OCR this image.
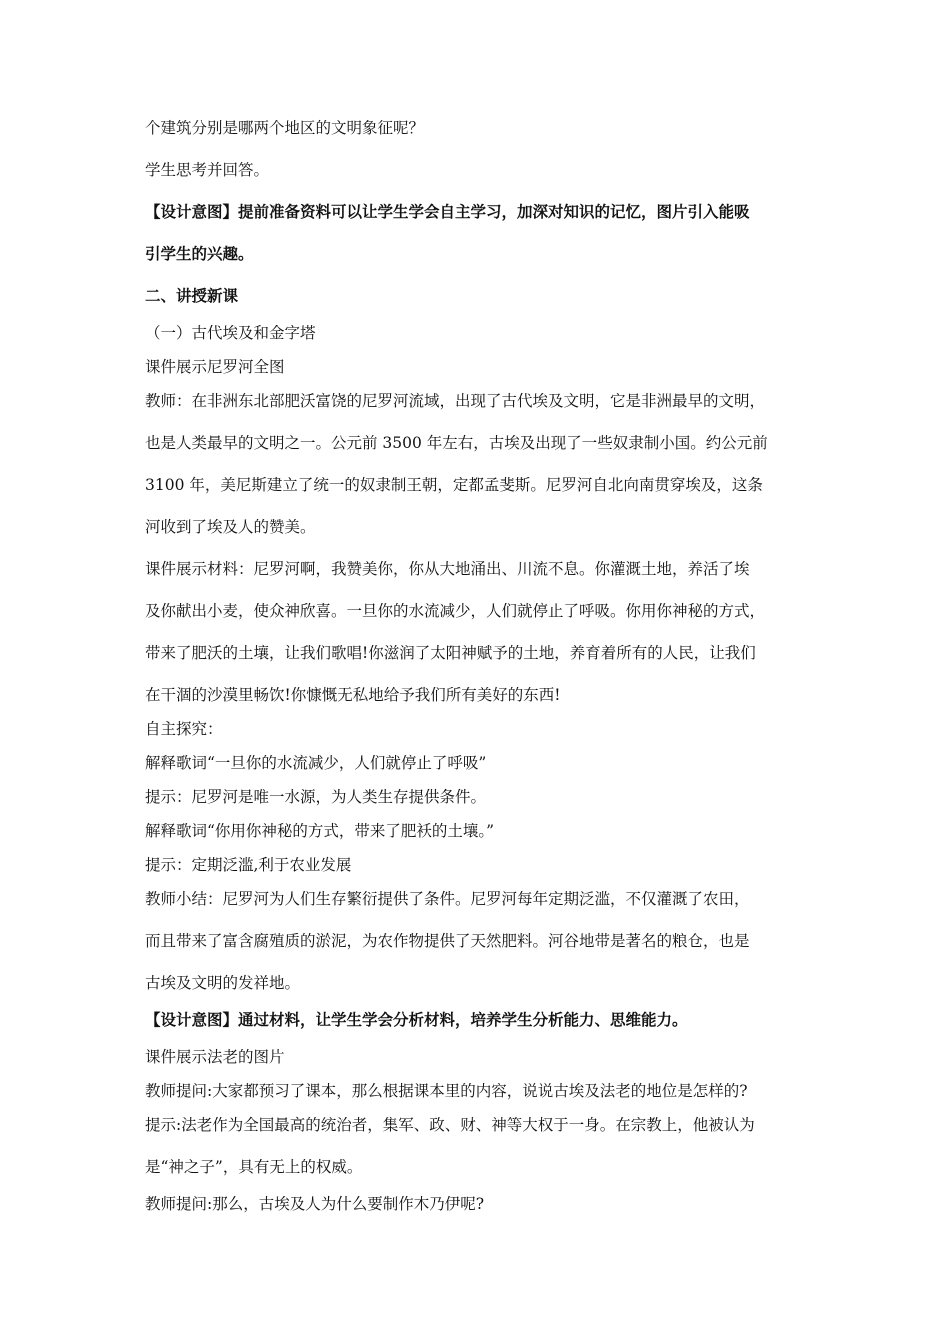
个建筑分别是哪两个地区的文明象征呢？

学生思考并回答。

【设计意图】提前准备资料可以让学生学会自主学习，加深对知识的记忆，图片引入能吸

引学生的兴趣。

二、讲授新课

（一）古代埃及和金字塔

课件展示尼罗河全图

教师：在非洲东北部肥沃富饶的尼罗河流域，出现了古代埃及文明，它是非洲最早的文明，

也是人类最早的文明之一。公元前 3500 年左右，古埃及出现了一些奴隶制小国。约公元前

3100 年，美尼斯建立了统一的奴隶制王朝，定都孟斐斯。尼罗河自北向南贯穿埃及，这条

河收到了埃及人的赞美。

课件展示材料：尼罗河啊，我赞美你，你从大地涌出、川流不息。你灌溉土地，养活了埃

及你献出小麦，使众神欣喜。一旦你的水流减少，人们就停止了呼吸。你用你神秘的方式，

带来了肥沃的土壤，让我们歌唱!你滋润了太阳神赋予的土地，养育着所有的人民，让我们

在干涸的沙漠里畅饮!你慷慨无私地给予我们所有美好的东西!

自主探究：

解释歌词“一旦你的水流减少，人们就停止了呼吸”

提示：尼罗河是唯一水源，为人类生存提供条件。

解释歌词“你用你神秘的方式，带来了肥袄的土壤。”

提示：定期泛滥,利于农业发展

教师小结：尼罗河为人们生存繁衍提供了条件。尼罗河每年定期泛滥，不仅灌溉了农田，

而且带来了富含腐殖质的淤泥，为农作物提供了天然肥料。河谷地带是著名的粮仓，也是

古埃及文明的发祥地。

【设计意图】通过材料，让学生学会分析材料，培养学生分析能力、思维能力。

课件展示法老的图片

教师提问:大家都预习了课本，那么根据课本里的内容，说说古埃及法老的地位是怎样的?

提示:法老作为全国最高的统治者，集军、政、财、神等大权于一身。在宗教上，他被认为

是“神之子”，具有无上的权威。

教师提问:那么，古埃及人为什么要制作木乃伊呢?
